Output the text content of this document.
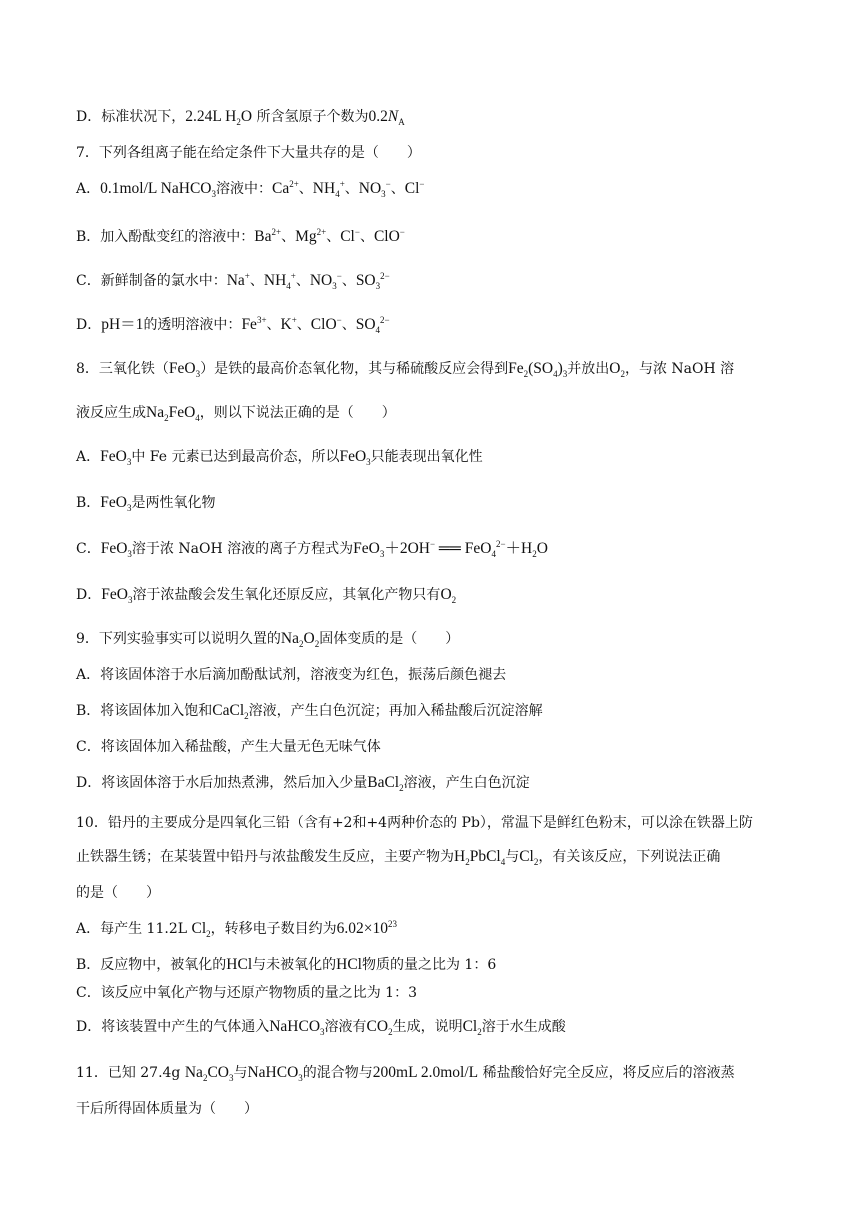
D．标准状况下，2.24L $H_2O$ 所含氢原子个数为$0.2N_A$
7．下列各组离子能在给定条件下大量共存的是（　　）
A．0.1mol/L NaHCO$_3$溶液中：$Ca^{2+}$、$NH_4^+$、$NO_3^-$、Cl−
B．加入酚酞变红的溶液中：$Ba^{2+}$、$Mg^{2+}$、Cl−、ClO−
C．新鲜制备的氯水中：Na+、$NH_4^+$、$NO_3^-$、$SO_3^{2-}$
D．pH＝1的透明溶液中：$Fe^{3+}$、K+、ClO−、$SO_4^{2-}$
8．三氧化铁（FeO$_3$）是铁的最高价态氧化物，其与稀硫酸反应会得到$Fe_2(SO_4)_3$并放出$O_2$，与浓 NaOH 溶
液反应生成$Na_2FeO_4$，则以下说法正确的是（　　）
A．FeO$_3$中 Fe 元素已达到最高价态，所以FeO$_3$只能表现出氧化性
B．FeO$_3$是两性氧化物
C．FeO$_3$溶于浓 NaOH 溶液的离子方程式为FeO$_3$＋2OH− ══ $FeO_4^{2-}+H_2O$
D．FeO$_3$溶于浓盐酸会发生氧化还原反应，其氧化产物只有$O_2$
9．下列实验事实可以说明久置的$Na_2O_2$固体变质的是（　　）
A．将该固体溶于水后滴加酚酞试剂，溶液变为红色，振荡后颜色褪去
B．将该固体加入饱和CaCl$_2$溶液，产生白色沉淀；再加入稀盐酸后沉淀溶解
C．将该固体加入稀盐酸，产生大量无色无味气体
D．将该固体溶于水后加热煮沸，然后加入少量BaCl$_2$溶液，产生白色沉淀
10．铅丹的主要成分是四氧化三铅（含有+2和+4两种价态的 Pb），常温下是鲜红色粉末，可以涂在铁器上防
止铁器生锈；在某装置中铅丹与浓盐酸发生反应，主要产物为$H_2PbCl_4$与$Cl_2$，有关该反应，下列说法正确
的是（　　）
A．每产生 11.2L $Cl_2$，转移电子数目约为$6.02\times 10^{23}$
B．反应物中，被氧化的HCl与未被氧化的HCl物质的量之比为 1：6
C．该反应中氧化产物与还原产物物质的量之比为 1：3
D．将该装置中产生的气体通入NaHCO$_3$溶液有$CO_2$生成，说明$Cl_2$溶于水生成酸
11．已知 27.4g $Na_2CO_3$与NaHCO$_3$的混合物与200mL 2.0mol/L 稀盐酸恰好完全反应，将反应后的溶液蒸
干后所得固体质量为（　　）
